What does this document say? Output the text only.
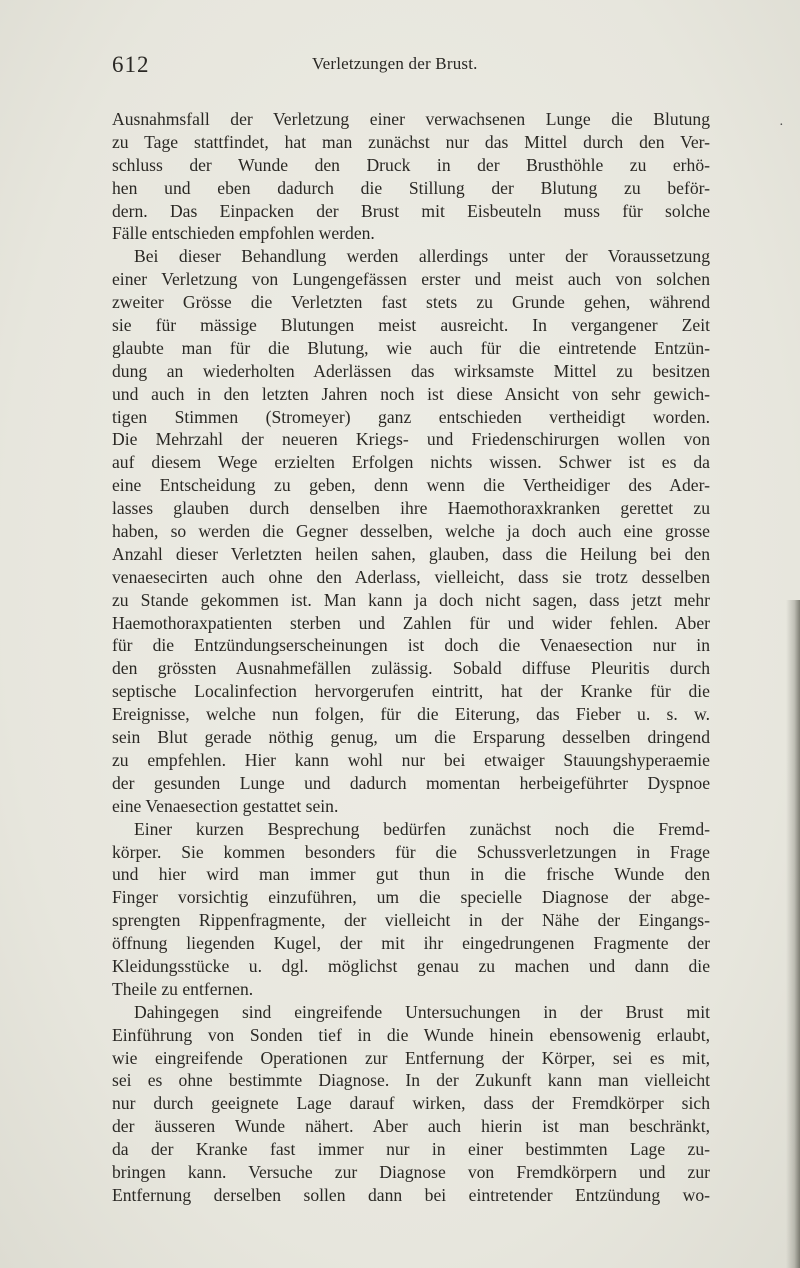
612	Verletzungen der Brust.
·
Ausnahmsfall der Verletzung einer verwachsenen Lunge die Blutung
zu Tage stattfindet, hat man zunächst nur das Mittel durch den Ver-
schluss der Wunde den Druck in der Brusthöhle zu erhö-
hen und eben dadurch die Stillung der Blutung zu beför-
dern. Das Einpacken der Brust mit Eisbeuteln muss für solche
Fälle entschieden empfohlen werden.
Bei dieser Behandlung werden allerdings unter der Voraussetzung
einer Verletzung von Lungengefässen erster und meist auch von solchen
zweiter Grösse die Verletzten fast stets zu Grunde gehen, während
sie für mässige Blutungen meist ausreicht. In vergangener Zeit
glaubte man für die Blutung, wie auch für die eintretende Entzün-
dung an wiederholten Aderlässen das wirksamste Mittel zu besitzen
und auch in den letzten Jahren noch ist diese Ansicht von sehr gewich-
tigen Stimmen (Stromeyer) ganz entschieden vertheidigt worden.
Die Mehrzahl der neueren Kriegs- und Friedenschirurgen wollen von
auf diesem Wege erzielten Erfolgen nichts wissen. Schwer ist es da
eine Entscheidung zu geben, denn wenn die Vertheidiger des Ader-
lasses glauben durch denselben ihre Haemothoraxkranken gerettet zu
haben, so werden die Gegner desselben, welche ja doch auch eine grosse
Anzahl dieser Verletzten heilen sahen, glauben, dass die Heilung bei den
venaesecirten auch ohne den Aderlass, vielleicht, dass sie trotz desselben
zu Stande gekommen ist. Man kann ja doch nicht sagen, dass jetzt mehr
Haemothoraxpatienten sterben und Zahlen für und wider fehlen. Aber
für die Entzündungserscheinungen ist doch die Venaesection nur in
den grössten Ausnahmefällen zulässig. Sobald diffuse Pleuritis durch
septische Localinfection hervorgerufen eintritt, hat der Kranke für die
Ereignisse, welche nun folgen, für die Eiterung, das Fieber u. s. w.
sein Blut gerade nöthig genug, um die Ersparung desselben dringend
zu empfehlen. Hier kann wohl nur bei etwaiger Stauungshyperaemie
der gesunden Lunge und dadurch momentan herbeigeführter Dyspnoe
eine Venaesection gestattet sein.
Einer kurzen Besprechung bedürfen zunächst noch die Fremd-
körper. Sie kommen besonders für die Schussverletzungen in Frage
und hier wird man immer gut thun in die frische Wunde den
Finger vorsichtig einzuführen, um die specielle Diagnose der abge-
sprengten Rippenfragmente, der vielleicht in der Nähe der Eingangs-
öffnung liegenden Kugel, der mit ihr eingedrungenen Fragmente der
Kleidungsstücke u. dgl. möglichst genau zu machen und dann die
Theile zu entfernen.
Dahingegen sind eingreifende Untersuchungen in der Brust mit
Einführung von Sonden tief in die Wunde hinein ebensowenig erlaubt,
wie eingreifende Operationen zur Entfernung der Körper, sei es mit,
sei es ohne bestimmte Diagnose. In der Zukunft kann man vielleicht
nur durch geeignete Lage darauf wirken, dass der Fremdkörper sich
der äusseren Wunde nähert. Aber auch hierin ist man beschränkt,
da der Kranke fast immer nur in einer bestimmten Lage zu-
bringen kann. Versuche zur Diagnose von Fremdkörpern und zur
Entfernung derselben sollen dann bei eintretender Entzündung wo-
